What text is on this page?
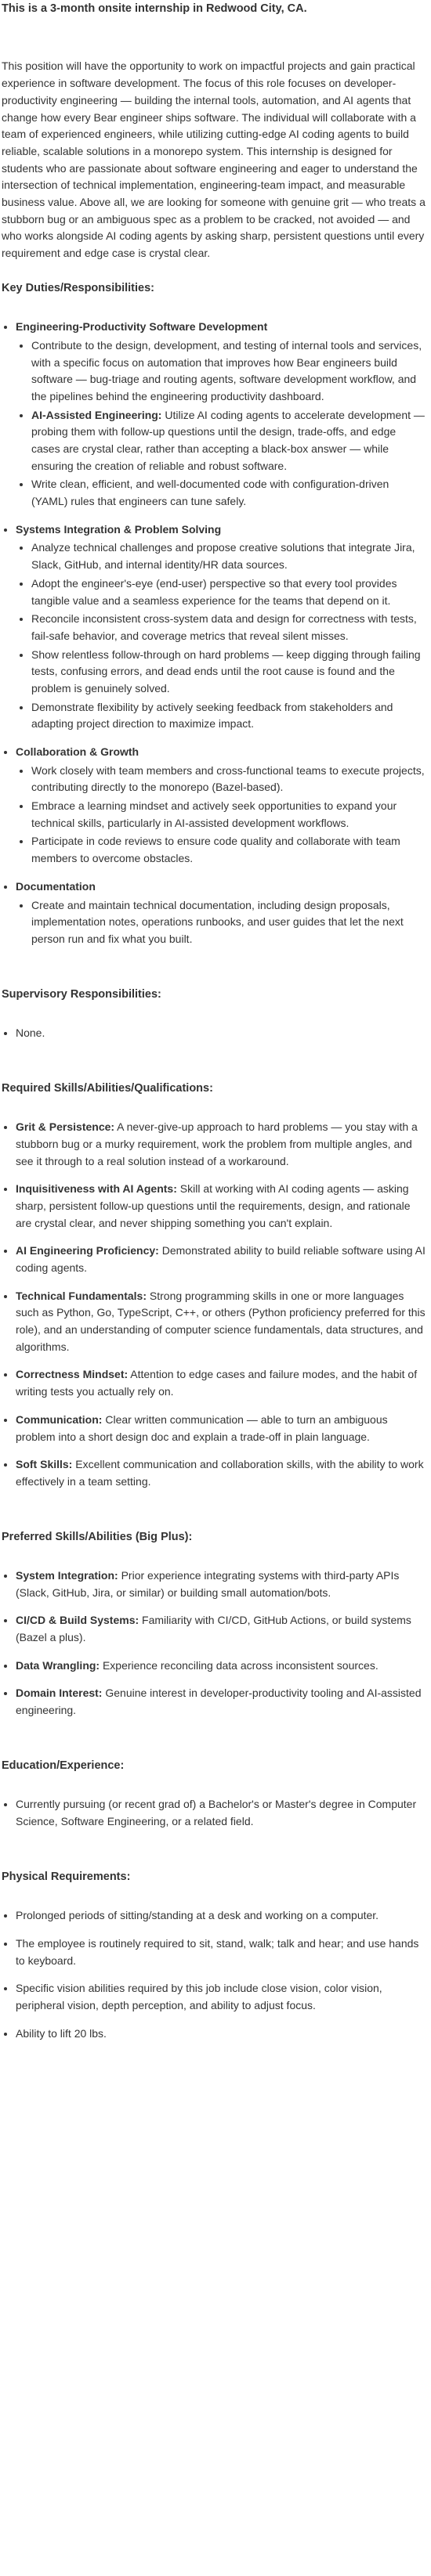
This is a 3-month onsite internship in Redwood City, CA.

This position will have the opportunity to work on impactful projects and gain practical experience in software development. The focus of this role focuses on developer-productivity engineering — building the internal tools, automation, and AI agents that change how every Bear engineer ships software. The individual will collaborate with a team of experienced engineers, while utilizing cutting-edge AI coding agents to build reliable, scalable solutions in a monorepo system. This internship is designed for students who are passionate about software engineering and eager to understand the intersection of technical implementation, engineering-team impact, and measurable business value. Above all, we are looking for someone with genuine grit — who treats a stubborn bug or an ambiguous spec as a problem to be cracked, not avoided — and who works alongside AI coding agents by asking sharp, persistent questions until every requirement and edge case is crystal clear.

Key Duties/Responsibilities:
• Engineering-Productivity Software Development
• Contribute to the design, development, and testing of internal tools and services, with a specific focus on automation that improves how Bear engineers build software — bug-triage and routing agents, software development workflow, and the pipelines behind the engineering productivity dashboard.
• AI-Assisted Engineering: Utilize AI coding agents to accelerate development — probing them with follow-up questions until the design, trade-offs, and edge cases are crystal clear, rather than accepting a black-box answer — while ensuring the creation of reliable and robust software.
• Write clean, efficient, and well-documented code with configuration-driven (YAML) rules that engineers can tune safely.
• Systems Integration & Problem Solving
• Analyze technical challenges and propose creative solutions that integrate Jira, Slack, GitHub, and internal identity/HR data sources.
• Adopt the engineer's-eye (end-user) perspective so that every tool provides tangible value and a seamless experience for the teams that depend on it.
• Reconcile inconsistent cross-system data and design for correctness with tests, fail-safe behavior, and coverage metrics that reveal silent misses.
• Show relentless follow-through on hard problems — keep digging through failing tests, confusing errors, and dead ends until the root cause is found and the problem is genuinely solved.
• Demonstrate flexibility by actively seeking feedback from stakeholders and adapting project direction to maximize impact.
• Collaboration & Growth
• Work closely with team members and cross-functional teams to execute projects, contributing directly to the monorepo (Bazel-based).
• Embrace a learning mindset and actively seek opportunities to expand your technical skills, particularly in AI-assisted development workflows.
• Participate in code reviews to ensure code quality and collaborate with team members to overcome obstacles.
• Documentation
• Create and maintain technical documentation, including design proposals, implementation notes, operations runbooks, and user guides that let the next person run and fix what you built.
Supervisory Responsibilities:
• None.
Required Skills/Abilities/Qualifications:
• Grit & Persistence: A never-give-up approach to hard problems — you stay with a stubborn bug or a murky requirement, work the problem from multiple angles, and see it through to a real solution instead of a workaround.
• Inquisitiveness with AI Agents: Skill at working with AI coding agents — asking sharp, persistent follow-up questions until the requirements, design, and rationale are crystal clear, and never shipping something you can't explain.
• AI Engineering Proficiency: Demonstrated ability to build reliable software using AI coding agents.
• Technical Fundamentals: Strong programming skills in one or more languages such as Python, Go, TypeScript, C++, or others (Python proficiency preferred for this role), and an understanding of computer science fundamentals, data structures, and algorithms.
• Correctness Mindset: Attention to edge cases and failure modes, and the habit of writing tests you actually rely on.
• Communication: Clear written communication — able to turn an ambiguous problem into a short design doc and explain a trade-off in plain language.
• Soft Skills: Excellent communication and collaboration skills, with the ability to work effectively in a team setting.
Preferred Skills/Abilities (Big Plus):
• System Integration: Prior experience integrating systems with third-party APIs (Slack, GitHub, Jira, or similar) or building small automation/bots.
• CI/CD & Build Systems: Familiarity with CI/CD, GitHub Actions, or build systems (Bazel a plus).
• Data Wrangling: Experience reconciling data across inconsistent sources.
• Domain Interest: Genuine interest in developer-productivity tooling and AI-assisted engineering.
Education/Experience:
• Currently pursuing (or recent grad of) a Bachelor's or Master's degree in Computer Science, Software Engineering, or a related field.
Physical Requirements:
• Prolonged periods of sitting/standing at a desk and working on a computer.
• The employee is routinely required to sit, stand, walk; talk and hear; and use hands to keyboard.
• Specific vision abilities required by this job include close vision, color vision, peripheral vision, depth perception, and ability to adjust focus.
• Ability to lift 20 lbs.
